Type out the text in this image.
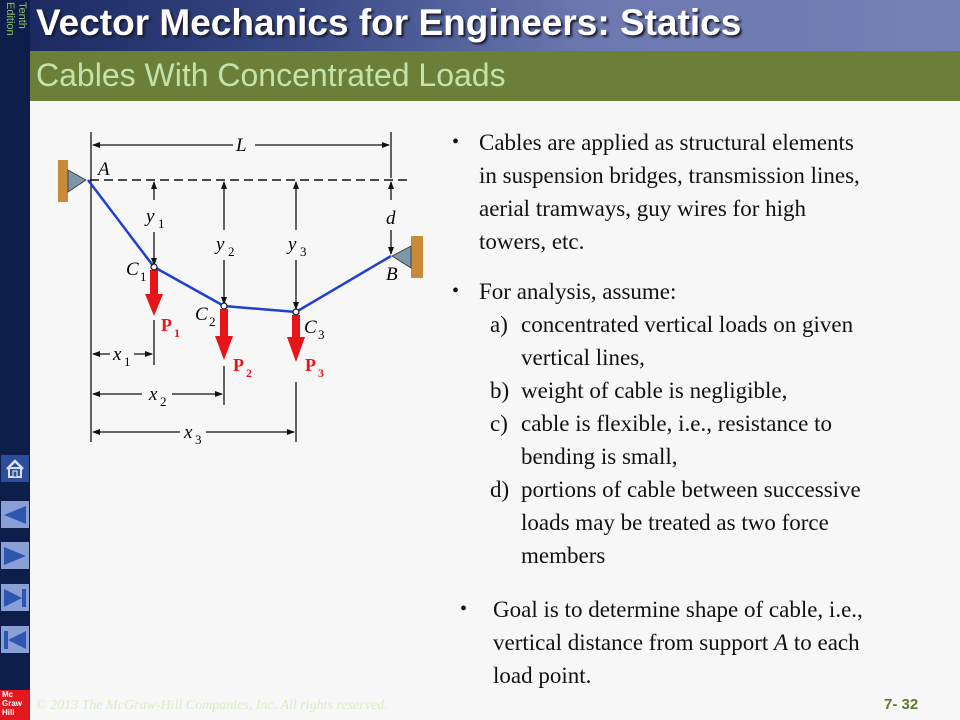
Tenth
Edition
Mc
Graw
Hill
Vector Mechanics for Engineers: Statics
Cables With Concentrated Loads
L
A
y 1
y 2	y 3
d
C 1
C 2	C 3
B
P 1
P 2	P 3
x 1
x 2
x 3
• Cables are applied as structural elements
in suspension bridges, transmission lines,
aerial tramways, guy wires for high
towers, etc.
• For analysis, assume:
a) concentrated vertical loads on given
vertical lines,
b) weight of cable is negligible,
c) cable is flexible, i.e., resistance to
bending is small,
d) portions of cable between successive
loads may be treated as two force
members
• Goal is to determine shape of cable, i.e.,
vertical distance from support A to each
load point.
© 2013 The McGraw-Hill Companies, Inc. All rights reserved.	7- 32
